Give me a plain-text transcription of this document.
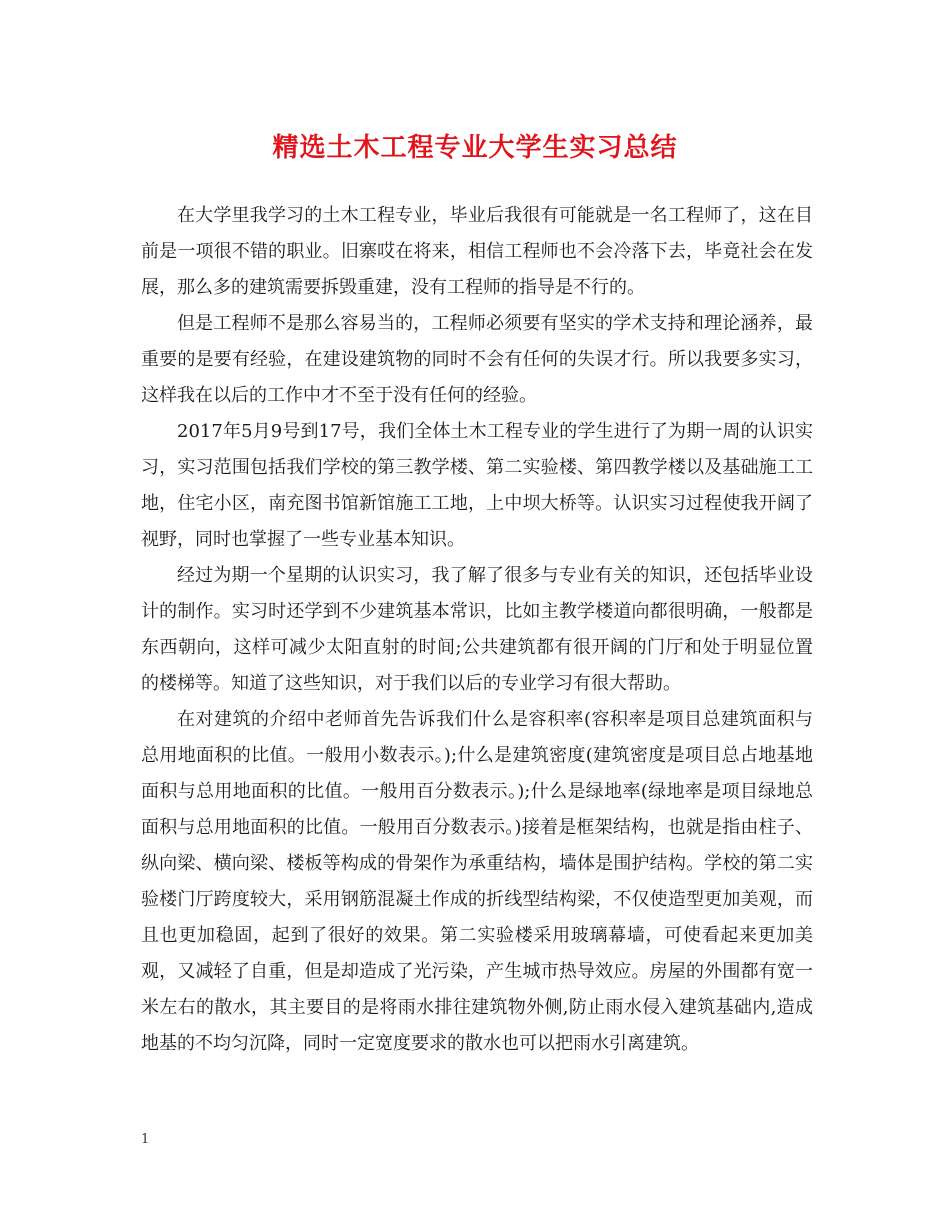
精选土木工程专业大学生实习总结

在大学里我学习的土木工程专业，毕业后我很有可能就是一名工程师了，这在目前是一项很不错的职业。旧寨哎在将来，相信工程师也不会冷落下去，毕竟社会在发展，那么多的建筑需要拆毁重建，没有工程师的指导是不行的。

但是工程师不是那么容易当的，工程师必须要有坚实的学术支持和理论涵养，最重要的是要有经验，在建设建筑物的同时不会有任何的失误才行。所以我要多实习，这样我在以后的工作中才不至于没有任何的经验。

2017年5月9号到17号，我们全体土木工程专业的学生进行了为期一周的认识实习，实习范围包括我们学校的第三教学楼、第二实验楼、第四教学楼以及基础施工工地，住宅小区，南充图书馆新馆施工工地，上中坝大桥等。认识实习过程使我开阔了视野，同时也掌握了一些专业基本知识。

经过为期一个星期的认识实习，我了解了很多与专业有关的知识，还包括毕业设计的制作。实习时还学到不少建筑基本常识，比如主教学楼道向都很明确，一般都是东西朝向，这样可减少太阳直射的时间;公共建筑都有很开阔的门厅和处于明显位置的楼梯等。知道了这些知识，对于我们以后的专业学习有很大帮助。

在对建筑的介绍中老师首先告诉我们什么是容积率(容积率是项目总建筑面积与总用地面积的比值。一般用小数表示。);什么是建筑密度(建筑密度是项目总占地基地面积与总用地面积的比值。一般用百分数表示。);什么是绿地率(绿地率是项目绿地总面积与总用地面积的比值。一般用百分数表示。)接着是框架结构，也就是指由柱子、纵向梁、横向梁、楼板等构成的骨架作为承重结构，墙体是围护结构。学校的第二实验楼门厅跨度较大，采用钢筋混凝土作成的折线型结构梁，不仅使造型更加美观，而且也更加稳固，起到了很好的效果。第二实验楼采用玻璃幕墙，可使看起来更加美观，又减轻了自重，但是却造成了光污染，产生城市热导效应。房屋的外围都有宽一米左右的散水，其主要目的是将雨水排往建筑物外侧,防止雨水侵入建筑基础内,造成地基的不均匀沉降，同时一定宽度要求的散水也可以把雨水引离建筑。

1
